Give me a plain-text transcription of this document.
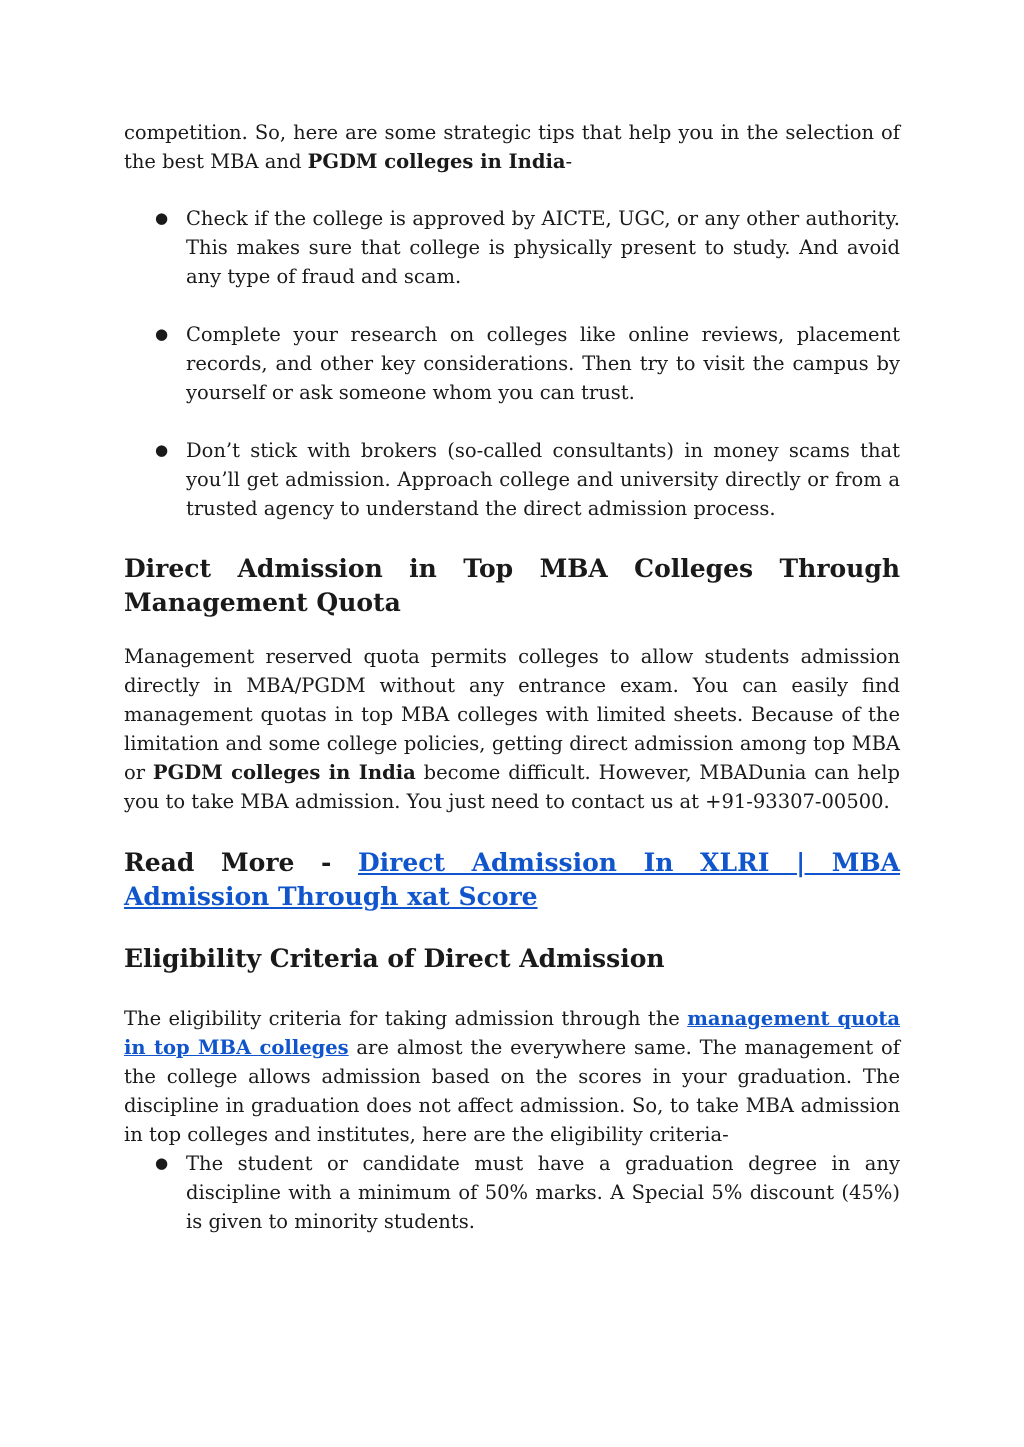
competition. So, here are some strategic tips that help you in the selection of the best MBA and PGDM colleges in India-

● Check if the college is approved by AICTE, UGC, or any other authority. This makes sure that college is physically present to study. And avoid any type of fraud and scam.
● Complete your research on colleges like online reviews, placement records, and other key considerations. Then try to visit the campus by yourself or ask someone whom you can trust.
● Don’t stick with brokers (so-called consultants) in money scams that you’ll get admission. Approach college and university directly or from a trusted agency to understand the direct admission process.
Direct Admission in Top MBA Colleges Through Management Quota

Management reserved quota permits colleges to allow students admission directly in MBA/PGDM without any entrance exam. You can easily find management quotas in top MBA colleges with limited sheets. Because of the limitation and some college policies, getting direct admission among top MBA or PGDM colleges in India become difficult. However, MBADunia can help you to take MBA admission. You just need to contact us at +91-93307-00500.

Read More - Direct Admission In XLRI | MBA Admission Through xat Score
Eligibility Criteria of Direct Admission

The eligibility criteria for taking admission through the management quota in top MBA colleges are almost the everywhere same. The management of the college allows admission based on the scores in your graduation. The discipline in graduation does not affect admission. So, to take MBA admission in top colleges and institutes, here are the eligibility criteria-

● The student or candidate must have a graduation degree in any discipline with a minimum of 50% marks. A Special 5% discount (45%) is given to minority students.
